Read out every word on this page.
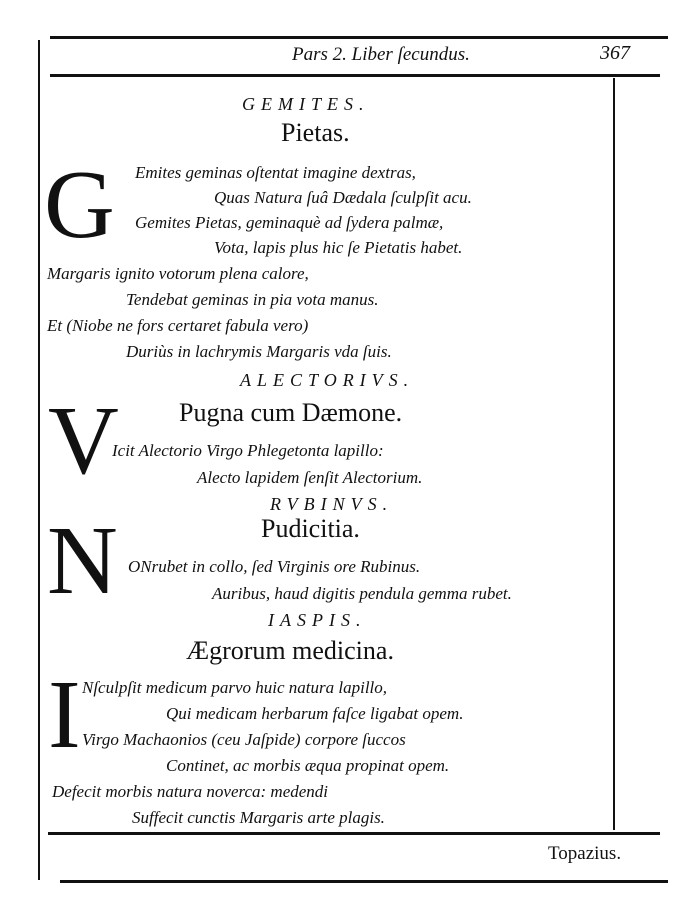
Pars 2. Liber ſecundus.	367
GEMITES.
Pietas.
G Emites geminas oſtentat imagine dextras,
Quas Natura ſuâ Dædala ſculpſit acu.
Gemites Pietas, geminaquè ad ſydera palmæ,
Vota, lapis plus hic ſe Pietatis habet.
Margaris ignito votorum plena calore,
Tendebat geminas in pia vota manus.
Et (Niobe ne fors certaret fabula vero)
Duriùs in lachrymis Margaris vda ſuis.
ALECTORIVS.
Pugna cum Dæmone.
V
Icit Alectorio Virgo Phlegetonta lapillo:
Alecto lapidem ſenſit Alectorium.
RVBINVS.
Pudicitia.
N ONrubet in collo, ſed Virginis ore Rubinus.
Auribus, haud digitis pendula gemma rubet.
IASPIS.
Ægrorum medicina.
I Nſculpſit medicum parvo huic natura lapillo,
Qui medicam herbarum faſce ligabat opem.
Virgo Machaonios (ceu Jaſpide) corpore ſuccos
Continet, ac morbis æqua propinat opem.
Defecit morbis natura noverca: medendi
Suffecit cunctis Margaris arte plagis.
Topazius.
